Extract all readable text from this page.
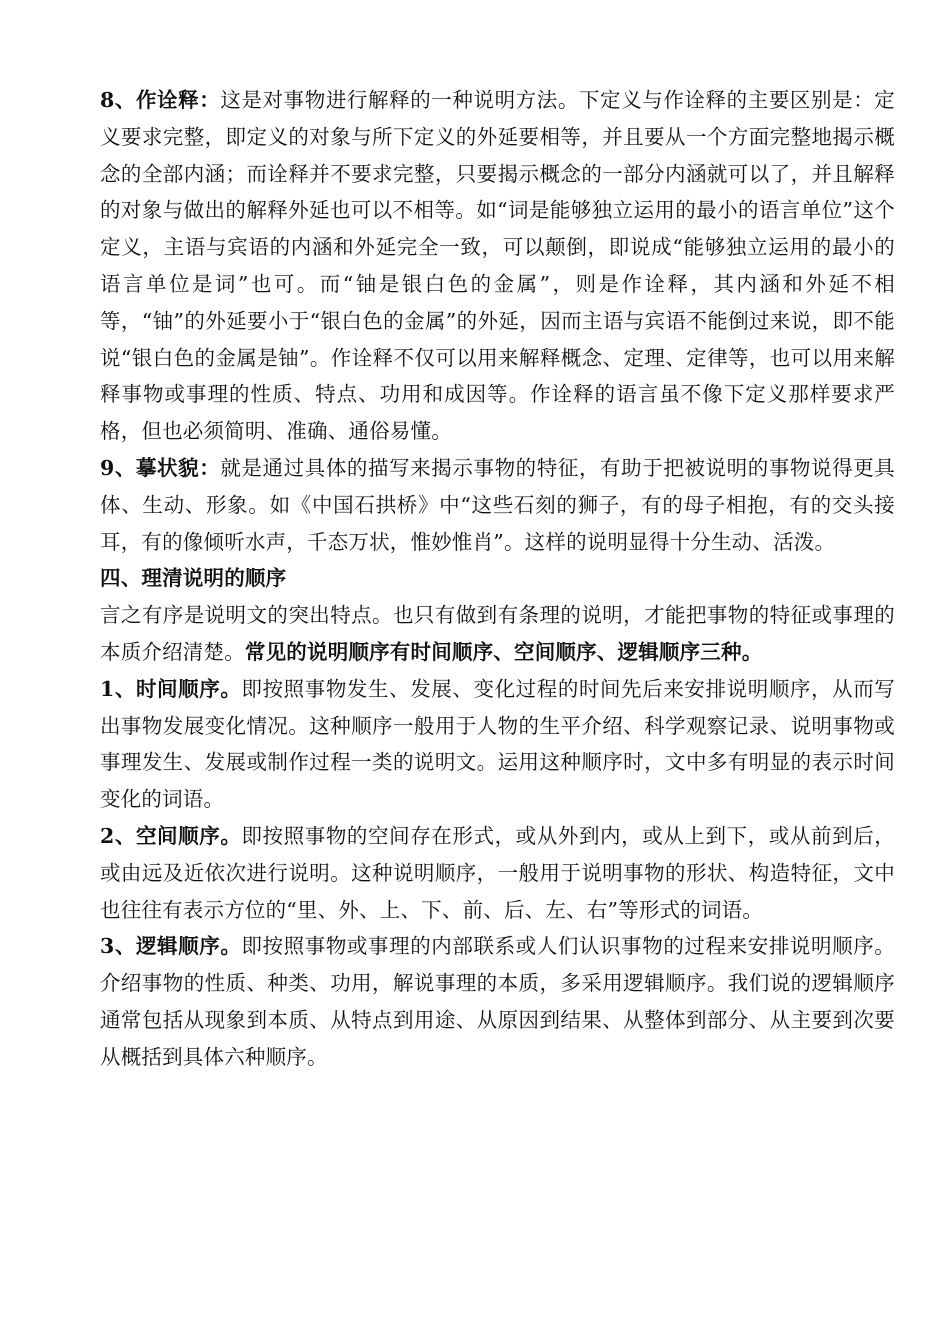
8、作诠释：这是对事物进行解释的一种说明方法。下定义与作诠释的主要区别是：定义要求完整，即定义的对象与所下定义的外延要相等，并且要从一个方面完整地揭示概念的全部内涵；而诠释并不要求完整，只要揭示概念的一部分内涵就可以了，并且解释的对象与做出的解释外延也可以不相等。如“词是能够独立运用的最小的语言单位”这个定义，主语与宾语的内涵和外延完全一致，可以颠倒，即说成“能够独立运用的最小的语言单位是词”也可。而“铀是银白色的金属”，则是作诠释，其内涵和外延不相等，“铀”的外延要小于“银白色的金属”的外延，因而主语与宾语不能倒过来说，即不能说“银白色的金属是铀”。作诠释不仅可以用来解释概念、定理、定律等，也可以用来解释事物或事理的性质、特点、功用和成因等。作诠释的语言虽不像下定义那样要求严格，但也必须简明、准确、通俗易懂。

9、摹状貌：就是通过具体的描写来揭示事物的特征，有助于把被说明的事物说得更具体、生动、形象。如《中国石拱桥》中“这些石刻的狮子，有的母子相抱，有的交头接耳，有的像倾听水声，千态万状，惟妙惟肖”。这样的说明显得十分生动、活泼。

四、理清说明的顺序

言之有序是说明文的突出特点。也只有做到有条理的说明，才能把事物的特征或事理的本质介绍清楚。常见的说明顺序有时间顺序、空间顺序、逻辑顺序三种。

1、时间顺序。即按照事物发生、发展、变化过程的时间先后来安排说明顺序，从而写出事物发展变化情况。这种顺序一般用于人物的生平介绍、科学观察记录、说明事物或事理发生、发展或制作过程一类的说明文。运用这种顺序时，文中多有明显的表示时间变化的词语。

2、空间顺序。即按照事物的空间存在形式，或从外到内，或从上到下，或从前到后，或由远及近依次进行说明。这种说明顺序，一般用于说明事物的形状、构造特征，文中也往往有表示方位的“里、外、上、下、前、后、左、右”等形式的词语。

3、逻辑顺序。即按照事物或事理的内部联系或人们认识事物的过程来安排说明顺序。介绍事物的性质、种类、功用，解说事理的本质，多采用逻辑顺序。我们说的逻辑顺序通常包括从现象到本质、从特点到用途、从原因到结果、从整体到部分、从主要到次要从概括到具体六种顺序。
